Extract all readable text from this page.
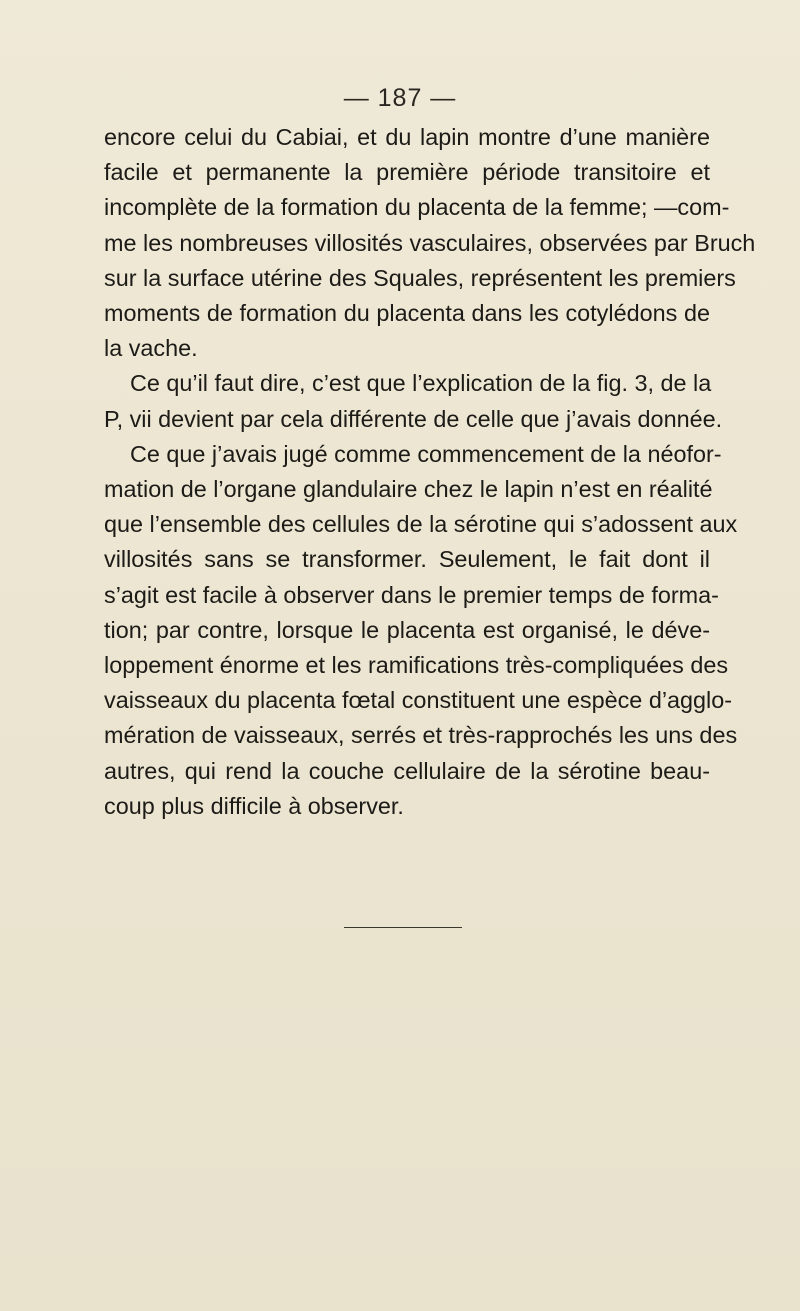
— 187 —
encore celui du Cabiai, et du lapin montre d’une manière
facile et permanente la première période transitoire et
incomplète de la formation du placenta de la femme; —com-
me les nombreuses villosités vasculaires, observées par Bruch
sur la surface utérine des Squales, représentent les premiers
moments de formation du placenta dans les cotylédons de
la vache.
Ce qu’il faut dire, c’est que l’explication de la fig. 3, de la
P, vii devient par cela différente de celle que j’avais donnée.
Ce que j’avais jugé comme commencement de la néofor-
mation de l’organe glandulaire chez le lapin n’est en réalité
que l’ensemble des cellules de la sérotine qui s’adossent aux
villosités sans se transformer. Seulement, le fait dont il
s’agit est facile à observer dans le premier temps de forma-
tion; par contre, lorsque le placenta est organisé, le déve-
loppement énorme et les ramifications très-compliquées des
vaisseaux du placenta fœtal constituent une espèce d’agglo-
mération de vaisseaux, serrés et très-rapprochés les uns des
autres, qui rend la couche cellulaire de la sérotine beau-
coup plus difficile à observer.
